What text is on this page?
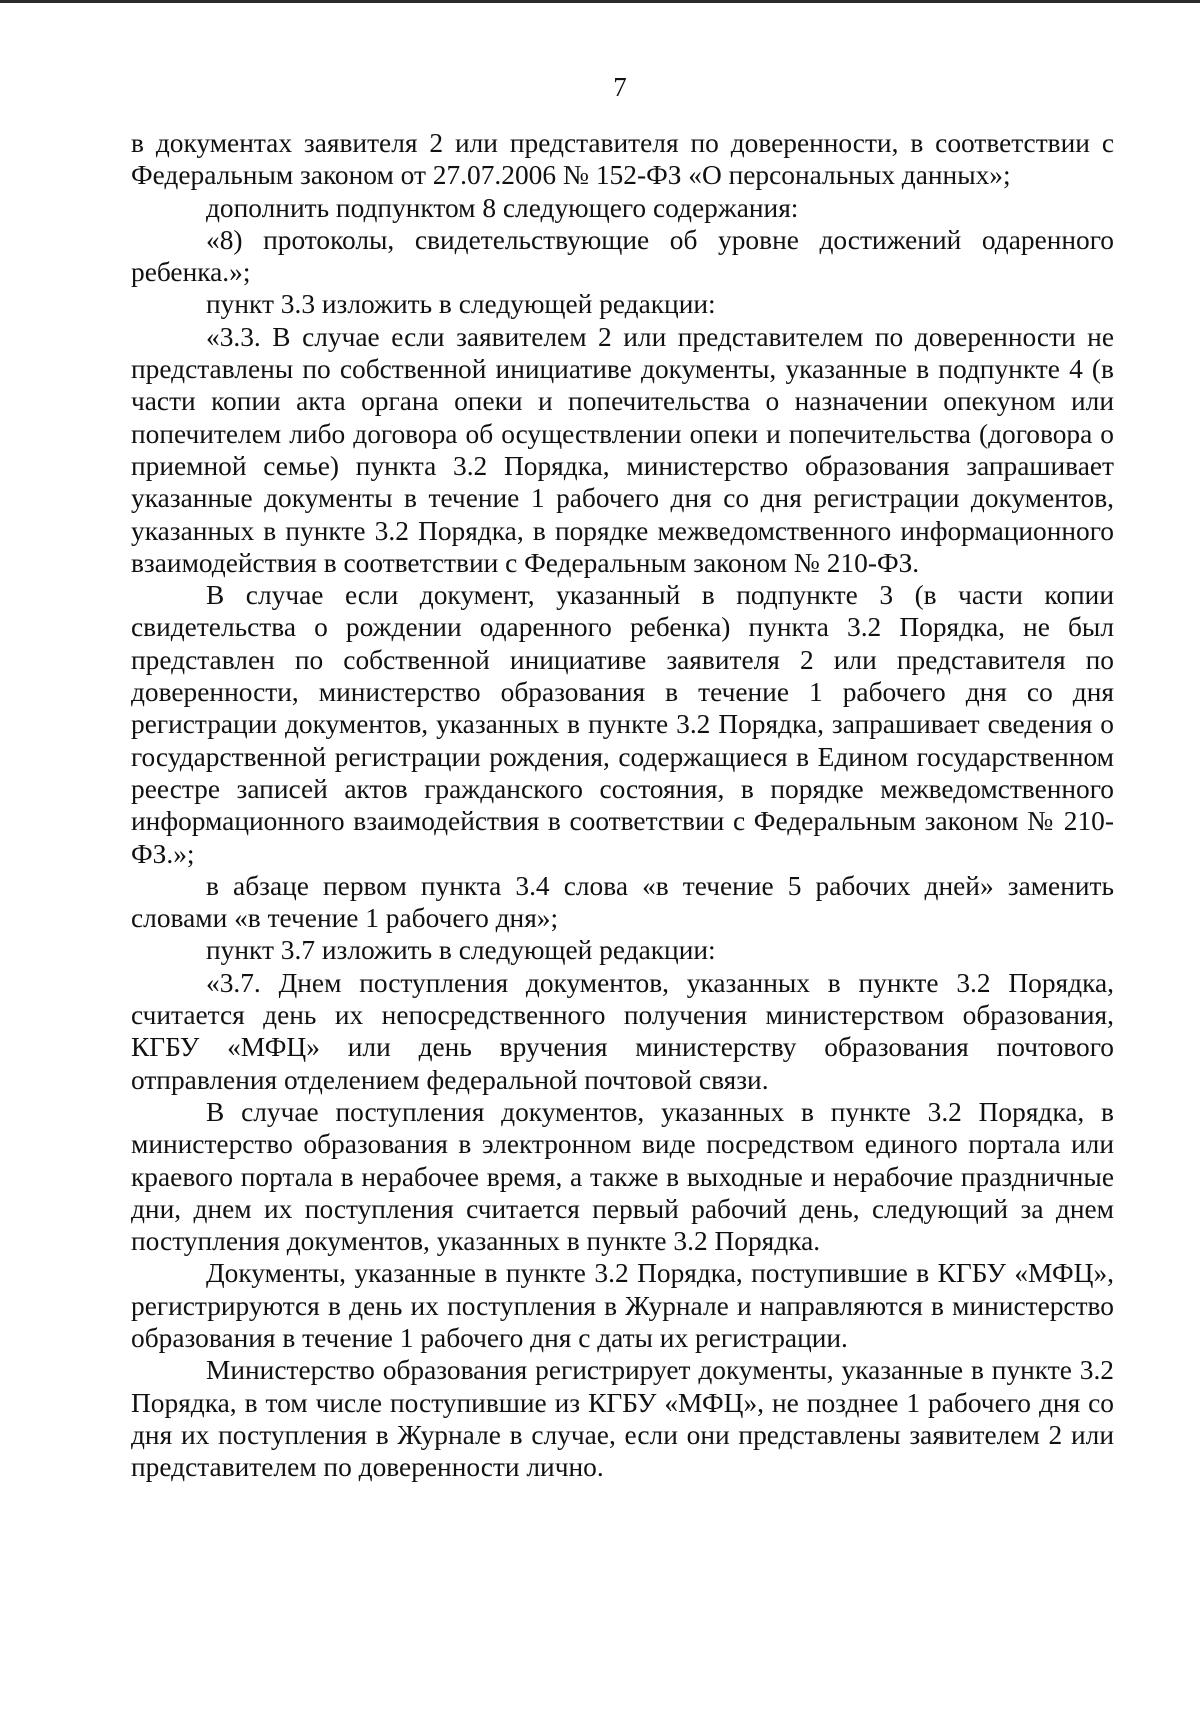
7

в документах заявителя 2 или представителя по доверенности, в соответствии с Федеральным законом от 27.07.2006 № 152-ФЗ «О персональных данных»;

дополнить подпунктом 8 следующего содержания:

«8) протоколы, свидетельствующие об уровне достижений одаренного ребенка.»;

пункт 3.3 изложить в следующей редакции:

«3.3. В случае если заявителем 2 или представителем по доверенности не представлены по собственной инициативе документы, указанные в подпункте 4 (в части копии акта органа опеки и попечительства о назначении опекуном или попечителем либо договора об осуществлении опеки и попечительства (договора о приемной семье) пункта 3.2 Порядка, министерство образования запрашивает указанные документы в течение 1 рабочего дня со дня регистрации документов, указанных в пункте 3.2 Порядка, в порядке межведомственного информационного взаимодействия в соответствии с Федеральным законом № 210-ФЗ.

В случае если документ, указанный в подпункте 3 (в части копии свидетельства о рождении одаренного ребенка) пункта 3.2 Порядка, не был представлен по собственной инициативе заявителя 2 или представителя по доверенности, министерство образования в течение 1 рабочего дня со дня регистрации документов, указанных в пункте 3.2 Порядка, запрашивает сведения о государственной регистрации рождения, содержащиеся в Едином государственном реестре записей актов гражданского состояния, в порядке межведомственного информационного взаимодействия в соответствии с Федеральным законом № 210-ФЗ.»;

в абзаце первом пункта 3.4 слова «в течение 5 рабочих дней» заменить словами «в течение 1 рабочего дня»;

пункт 3.7 изложить в следующей редакции:

«3.7. Днем поступления документов, указанных в пункте 3.2 Порядка, считается день их непосредственного получения министерством образования, КГБУ «МФЦ» или день вручения министерству образования почтового отправления отделением федеральной почтовой связи.

В случае поступления документов, указанных в пункте 3.2 Порядка, в министерство образования в электронном виде посредством единого портала или краевого портала в нерабочее время, а также в выходные и нерабочие праздничные дни, днем их поступления считается первый рабочий день, следующий за днем поступления документов, указанных в пункте 3.2 Порядка.

Документы, указанные в пункте 3.2 Порядка, поступившие в КГБУ «МФЦ», регистрируются в день их поступления в Журнале и направляются в министерство образования в течение 1 рабочего дня с даты их регистрации.

Министерство образования регистрирует документы, указанные в пункте 3.2 Порядка, в том числе поступившие из КГБУ «МФЦ», не позднее 1 рабочего дня со дня их поступления в Журнале в случае, если они представлены заявителем 2 или представителем по доверенности лично.
